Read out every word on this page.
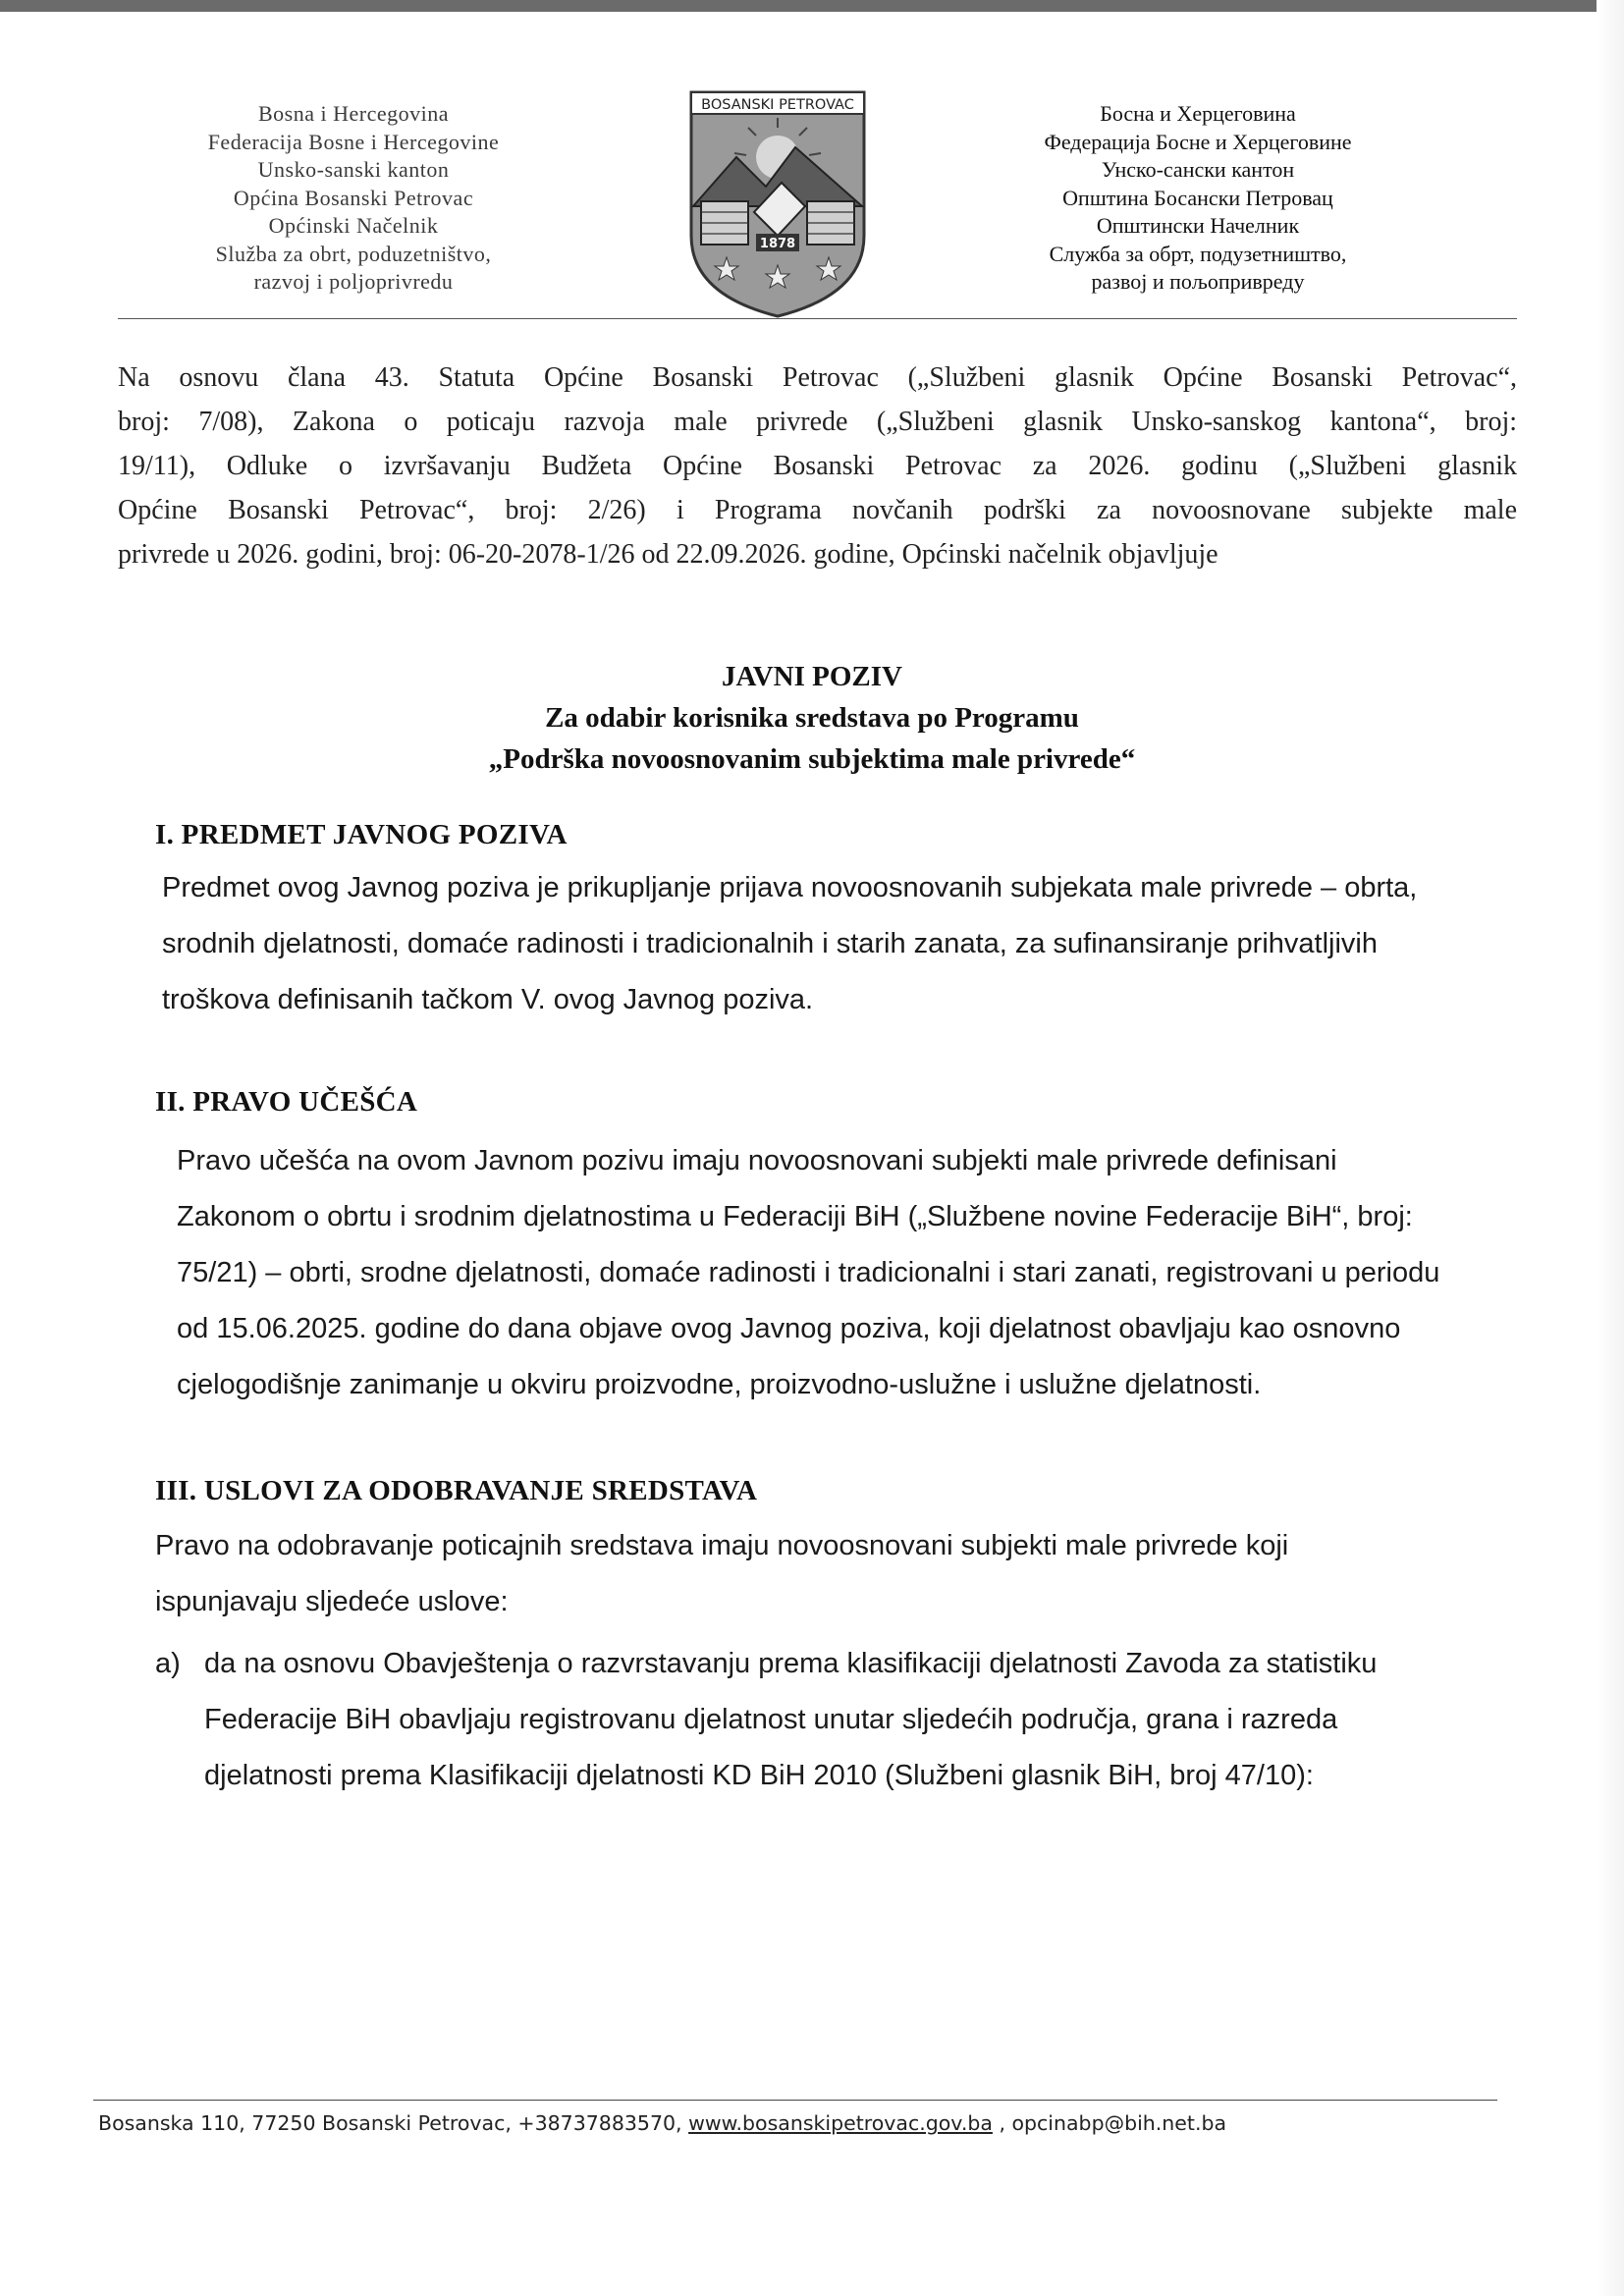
Bosna i Hercegovina
Federacija Bosne i Hercegovine
Unsko-sanski kanton
Općina Bosanski Petrovac
Općinski Načelnik
Služba za obrt, poduzetništvo,
razvoj i poljoprivredu
BOSANSKI PETROVAC
1878
Босна и Херцеговина
Федерација Босне и Херцеговине
Унско-сански кантон
Општина Босански Петровац
Општински Начелник
Служба за обрт, подузетништво,
развој и пољопривреду
Na osnovu člana 43. Statuta Općine Bosanski Petrovac („Službeni glasnik Općine Bosanski Petrovac“,
broj: 7/08), Zakona o poticaju razvoja male privrede („Službeni glasnik Unsko-sanskog kantona“, broj:
19/11), Odluke o izvršavanju Budžeta Općine Bosanski Petrovac za 2026. godinu („Službeni glasnik
Općine Bosanski Petrovac“, broj: 2/26) i Programa novčanih podrški za novoosnovane subjekte male
privrede u 2026. godini, broj: 06-20-2078-1/26 od 22.09.2026. godine, Općinski načelnik objavljuje
JAVNI POZIV
Za odabir korisnika sredstava po Programu
„Podrška novoosnovanim subjektima male privrede“
I. PREDMET JAVNOG POZIVA
Predmet ovog Javnog poziva je prikupljanje prijava novoosnovanih subjekata male privrede – obrta,
srodnih djelatnosti, domaće radinosti i tradicionalnih i starih zanata, za sufinansiranje prihvatljivih
troškova definisanih tačkom V. ovog Javnog poziva.
II. PRAVO UČEŠĆA
Pravo učešća na ovom Javnom pozivu imaju novoosnovani subjekti male privrede definisani
Zakonom o obrtu i srodnim djelatnostima u Federaciji BiH („Službene novine Federacije BiH“, broj:
75/21) – obrti, srodne djelatnosti, domaće radinosti i tradicionalni i stari zanati, registrovani u periodu
od 15.06.2025. godine do dana objave ovog Javnog poziva, koji djelatnost obavljaju kao osnovno
cjelogodišnje zanimanje u okviru proizvodne, proizvodno-uslužne i uslužne djelatnosti.
III. USLOVI ZA ODOBRAVANJE SREDSTAVA
Pravo na odobravanje poticajnih sredstava imaju novoosnovani subjekti male privrede koji
ispunjavaju sljedeće uslove:
a) da na osnovu Obavještenja o razvrstavanju prema klasifikaciji djelatnosti Zavoda za statistiku
Federacije BiH obavljaju registrovanu djelatnost unutar sljedećih područja, grana i razreda
djelatnosti prema Klasifikaciji djelatnosti KD BiH 2010 (Službeni glasnik BiH, broj 47/10):
Bosanska 110, 77250 Bosanski Petrovac, +38737883570, www.bosanskipetrovac.gov.ba , opcinabp@bih.net.ba
